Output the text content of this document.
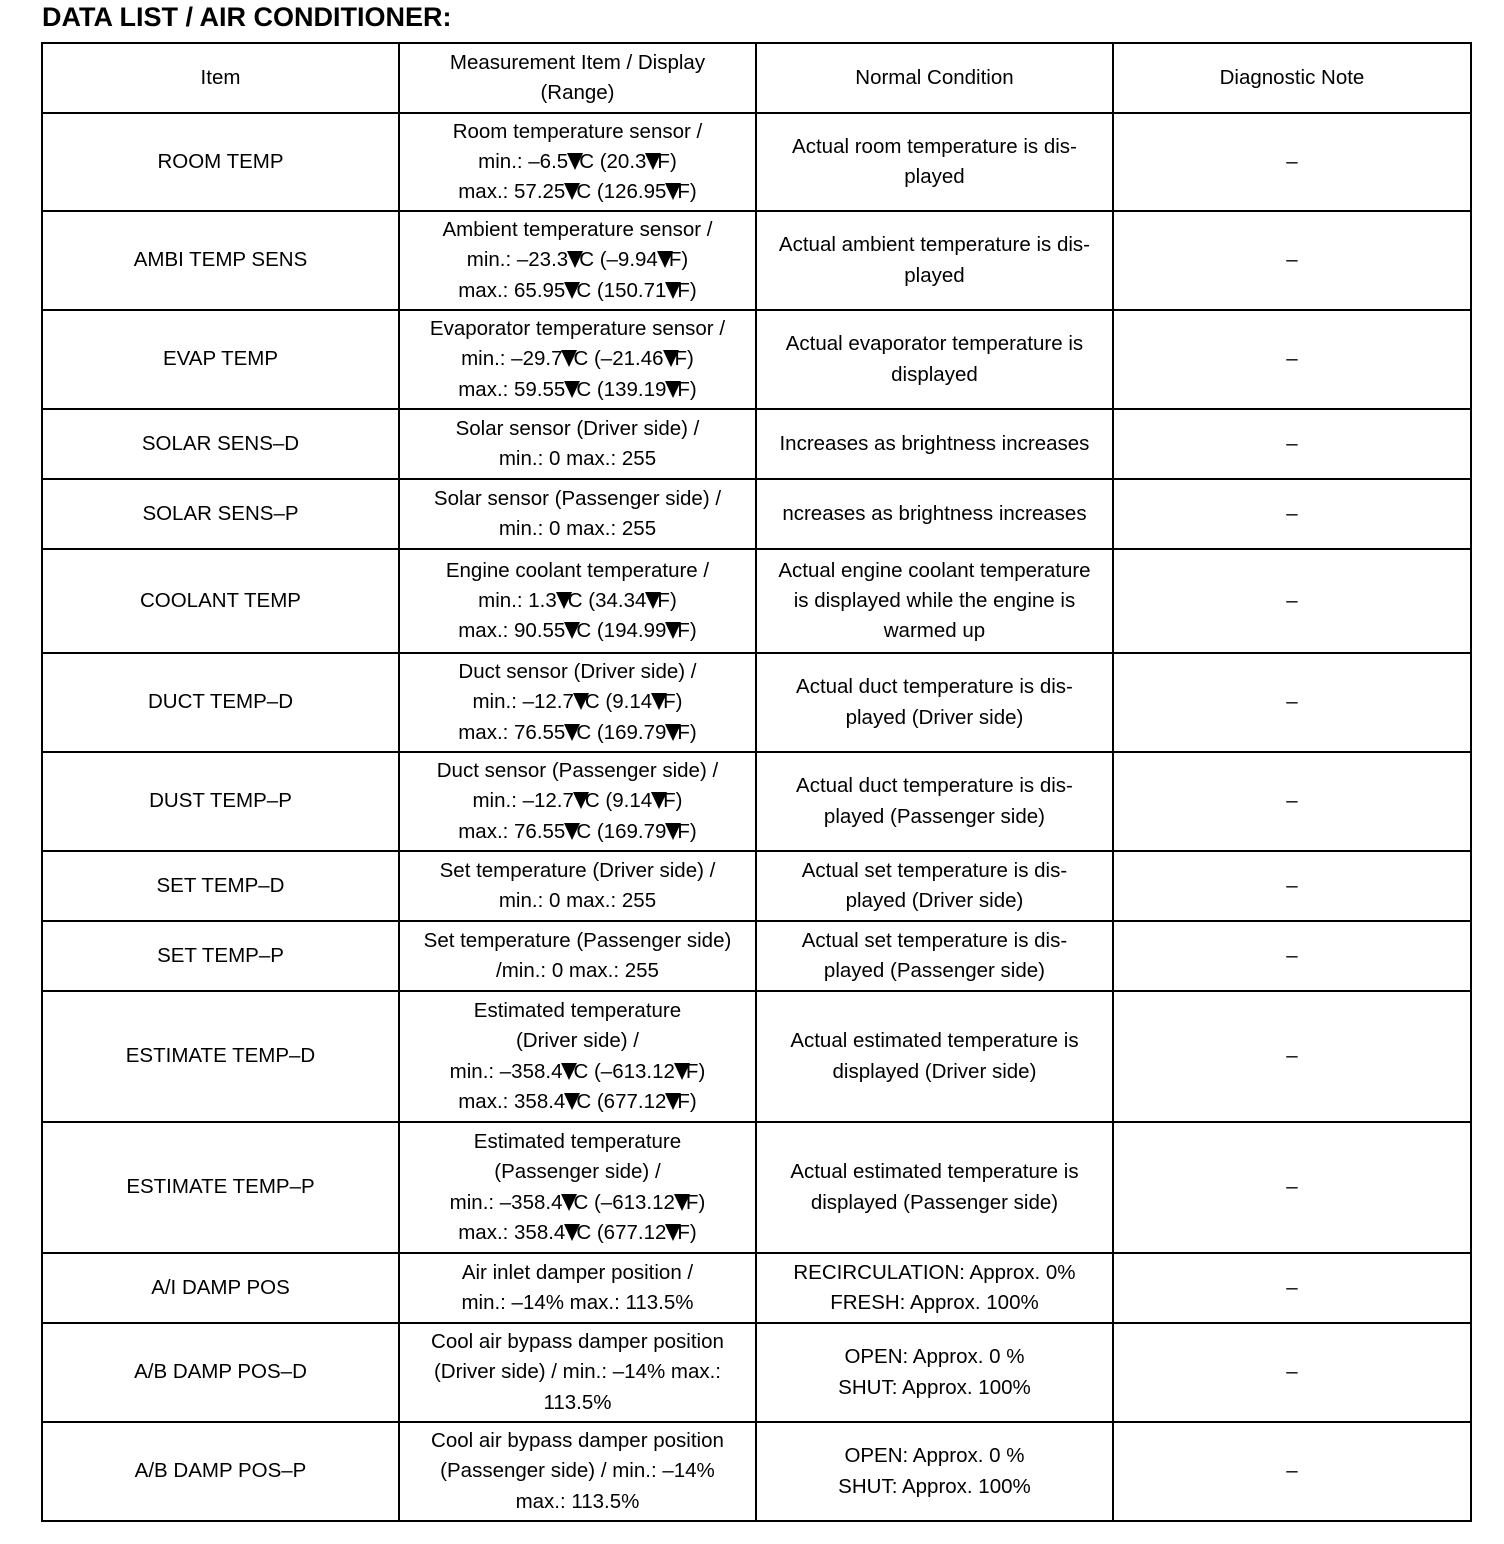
DATA LIST / AIR CONDITIONER:
Item	Measurement Item / Display
(Range)	Normal Condition	Diagnostic Note
ROOM TEMP	Room temperature sensor /
min.: –6.5 C (20.3 F)
max.: 57.25 C (126.95 F)	Actual room temperature is dis-
played	–
AMBI TEMP SENS	Ambient temperature sensor /
min.: –23.3 C (–9.94 F)
max.: 65.95 C (150.71 F)	Actual ambient temperature is dis-
played	–
EVAP TEMP	Evaporator temperature sensor /
min.: –29.7 C (–21.46 F)
max.: 59.55 C (139.19 F)	Actual evaporator temperature is
displayed	–
SOLAR SENS–D	Solar sensor (Driver side) /
min.: 0 max.: 255	Increases as brightness increases	–
SOLAR SENS–P	Solar sensor (Passenger side) /
min.: 0 max.: 255	ncreases as brightness increases	–
COOLANT TEMP	Engine coolant temperature /
min.: 1.3 C (34.34 F)
max.: 90.55 C (194.99 F)	Actual engine coolant temperature
is displayed while the engine is
warmed up	–
DUCT TEMP–D	Duct sensor (Driver side) /
min.: –12.7 C (9.14 F)
max.: 76.55 C (169.79 F)	Actual duct temperature is dis-
played (Driver side)	–
DUST TEMP–P	Duct sensor (Passenger side) /
min.: –12.7 C (9.14 F)
max.: 76.55 C (169.79 F)	Actual duct temperature is dis-
played (Passenger side)	–
SET TEMP–D	Set temperature (Driver side) /
min.: 0 max.: 255	Actual set temperature is dis-
played (Driver side)	–
SET TEMP–P	Set temperature (Passenger side)
/min.: 0 max.: 255	Actual set temperature is dis-
played (Passenger side)	–
ESTIMATE TEMP–D	Estimated temperature
(Driver side) /
min.: –358.4 C (–613.12 F)
max.: 358.4 C (677.12 F)	Actual estimated temperature is
displayed (Driver side)	–
ESTIMATE TEMP–P	Estimated temperature
(Passenger side) /
min.: –358.4 C (–613.12 F)
max.: 358.4 C (677.12 F)	Actual estimated temperature is
displayed (Passenger side)	–
A/I DAMP POS	Air inlet damper position /
min.: –14% max.: 113.5%	RECIRCULATION: Approx. 0%
FRESH: Approx. 100%	–
A/B DAMP POS–D	Cool air bypass damper position
(Driver side) / min.: –14% max.:
113.5%	OPEN: Approx. 0 %
SHUT: Approx. 100%	–
A/B DAMP POS–P	Cool air bypass damper position
(Passenger side) / min.: –14%
max.: 113.5%	OPEN: Approx. 0 %
SHUT: Approx. 100%	–
